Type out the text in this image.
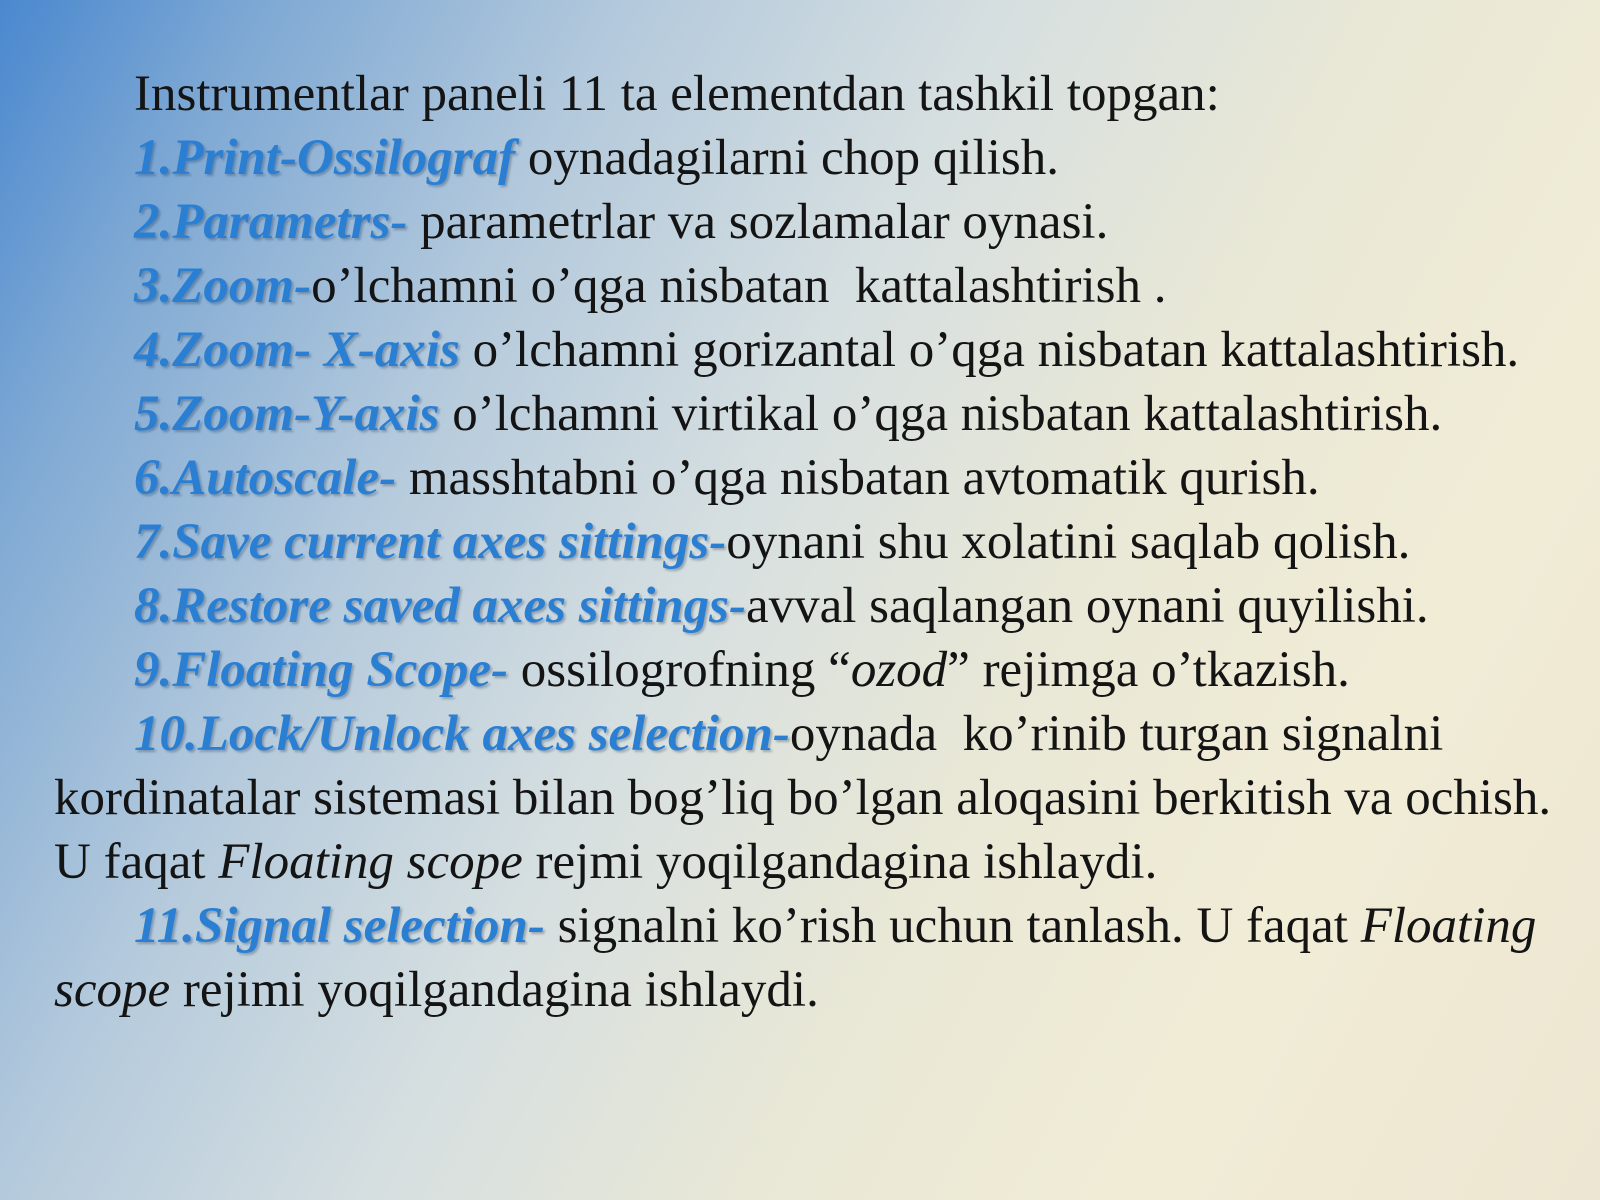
Instrumentlar paneli 11 ta elementdan tashkil topgan:

1.Print-Ossilograf oynadagilarni chop qilish.

2.Parametrs- parametrlar va sozlamalar oynasi.

3.Zoom-o’lchamni o’qga nisbatan  kattalashtirish .

4.Zoom- X-axis o’lchamni gorizantal o’qga nisbatan kattalashtirish.

5.Zoom-Y-axis o’lchamni virtikal o’qga nisbatan kattalashtirish.

6.Autoscale- masshtabni o’qga nisbatan avtomatik qurish.

7.Save current axes sittings-oynani shu xolatini saqlab qolish.

8.Restore saved axes sittings-avval saqlangan oynani quyilishi.

9.Floating Scope- ossilogrofning “ozod” rejimga o’tkazish.

10.Lock/Unlock axes selection-oynada  ko’rinib turgan signalni kordinatalar sistemasi bilan bog’liq bo’lgan aloqasini berkitish va ochish. U faqat Floating scope rejmi yoqilgandagina ishlaydi.

11.Signal selection- signalni ko’rish uchun tanlash. U faqat Floating scope rejimi yoqilgandagina ishlaydi.
